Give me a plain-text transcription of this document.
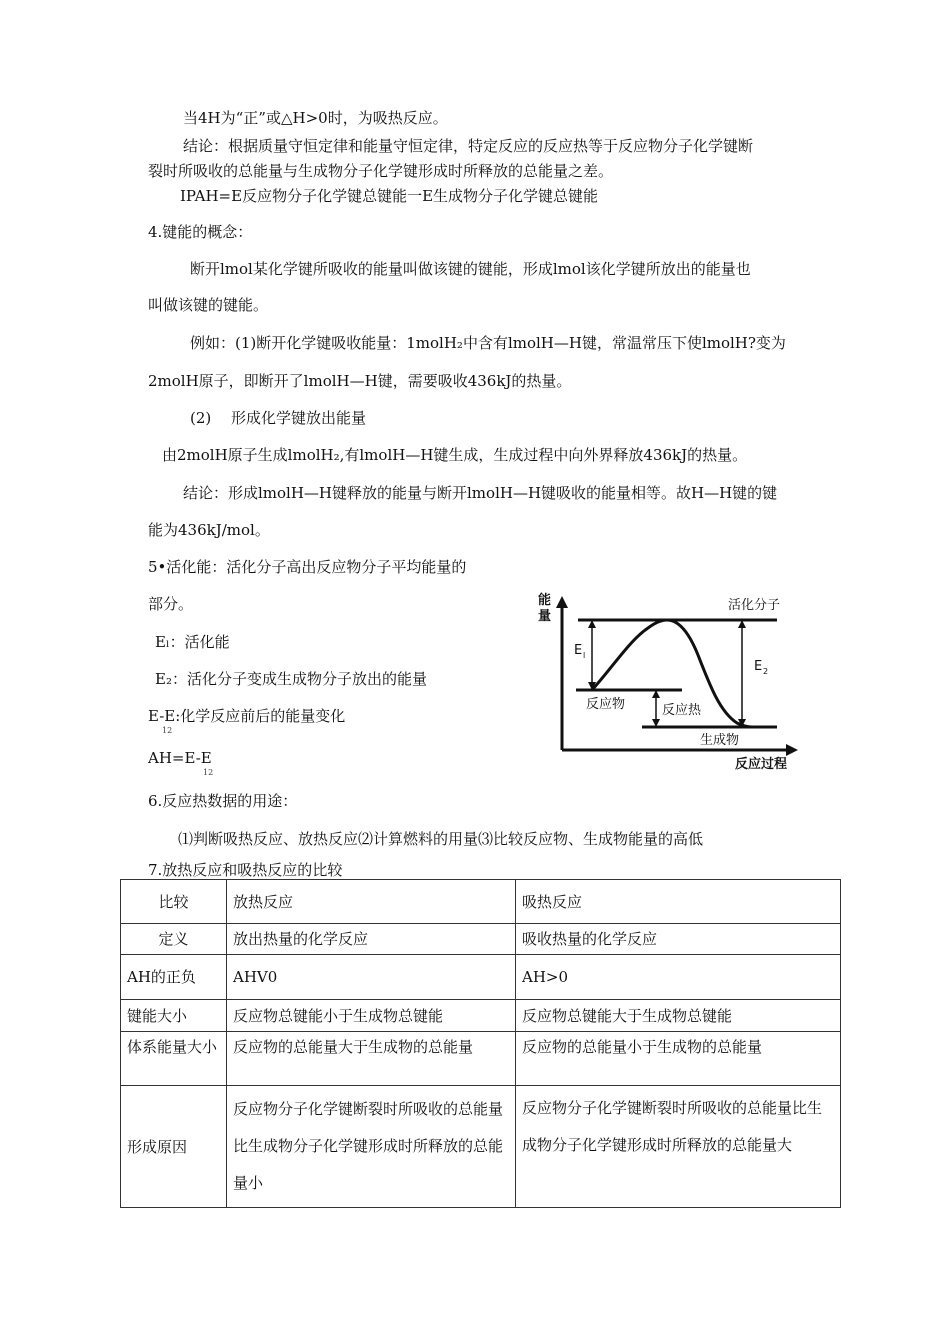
当4H为“正”或△H>0时，为吸热反应。
结论：根据质量守恒定律和能量守恒定律，特定反应的反应热等于反应物分子化学键断
裂时所吸收的总能量与生成物分子化学键形成时所释放的总能量之差。
IPAH=E反应物分子化学键总键能一E生成物分子化学键总键能
4.键能的概念：
断开lmol某化学键所吸收的能量叫做该键的键能，形成lmol该化学键所放出的能量也
叫做该键的键能。
例如：(1)断开化学键吸收能量：1molH₂中含有lmolH—H键，常温常压下使lmolH?变为
2molH原子，即断开了lmolH—H键，需要吸收436kJ的热量。
(2)　 形成化学键放出能量
由2molH原子生成lmolH₂,有lmolH—H键生成，生成过程中向外界释放436kJ的热量。
结论：形成lmolH—H键释放的能量与断开lmolH—H键吸收的能量相等。故H—H键的键
能为436kJ/mol。
5•活化能：活化分子高出反应物分子平均能量的
部分。
Eₗ：活化能
E₂：活化分子变成生成物分子放出的能量
E-E:化学反应前后的能量变化
12
AH=E-E
12
能
量
活化分子
E l
E 2
反应物	反应热
生成物
反应过程
6.反应热数据的用途：
⑴判断吸热反应、放热反应⑵计算燃料的用量⑶比较反应物、生成物能量的高低
7.放热反应和吸热反应的比较
比较	放热反应	吸热反应
定义	放出热量的化学反应	吸收热量的化学反应
AH的正负	AHV0	AH>0
键能大小	反应物总键能小于生成物总键能	反应物总键能大于生成物总键能
体系能量大小	反应物的总能量大于生成物的总能量	反应物的总能量小于生成物的总能量
形成原因	反应物分子化学键断裂时所吸收的总能量比生成物分子化学键形成时所释放的总能量小	反应物分子化学键断裂时所吸收的总能量比生成物分子化学键形成时所释放的总能量大
